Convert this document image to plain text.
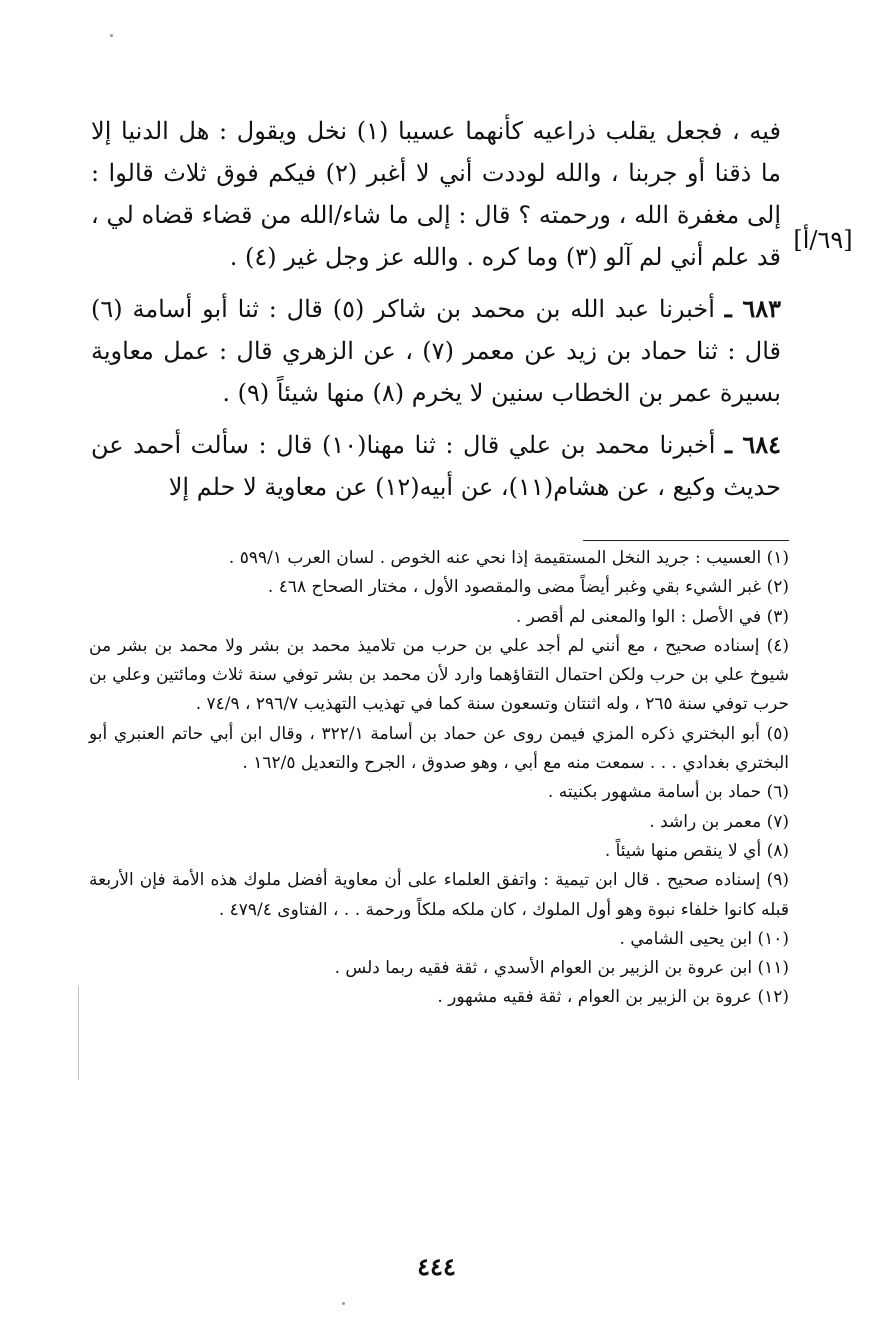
[٦٩/أ]

فيه ، فجعل يقلب ذراعيه كأنهما عسيبا (١) نخل ويقول : هل الدنيا إلا ما ذقنا أو جربنا ، والله لوددت أني لا أغبر (٢) فيكم فوق ثلاث قالوا : إلى مغفرة الله ، ورحمته ؟ قال : إلى ما شاء/الله من قضاء قضاه لي ، قد علم أني لم آلو (٣) وما كره . والله عز وجل غير (٤) .

٦٨٣ ـ أخبرنا عبد الله بن محمد بن شاكر (٥) قال : ثنا أبو أسامة (٦) قال : ثنا حماد بن زيد عن معمر (٧) ، عن الزهري قال : عمل معاوية بسيرة عمر بن الخطاب سنين لا يخرم (٨) منها شيئاً (٩) .

٦٨٤ ـ أخبرنا محمد بن علي قال : ثنا مهنا(١٠) قال : سألت أحمد عن حديث وكيع ، عن هشام(١١)، عن أبيه(١٢) عن معاوية لا حلم إلا

(١) العسيب : جريد النخل المستقيمة إذا نحي عنه الخوص . لسان العرب ٥٩٩/١ .

(٢) غبر الشيء بقي وغبر أيضاً مضى والمقصود الأول ، مختار الصحاح ٤٦٨ .

(٣) في الأصل : الوا والمعنى لم أقصر .

(٤) إسناده صحيح ، مع أنني لم أجد علي بن حرب من تلاميذ محمد بن بشر ولا محمد بن بشر من شيوخ علي بن حرب ولكن احتمال التقاؤهما وارد لأن محمد بن بشر توفي سنة ثلاث ومائتين وعلي بن حرب توفي سنة ٢٦٥ ، وله اثنتان وتسعون سنة كما في تهذيب التهذيب ٢٩٦/٧ ، ٧٤/٩ .

(٥) أبو البختري ذكره المزي فيمن روى عن حماد بن أسامة ٣٢٢/١ ، وقال ابن أبي حاتم العنبري أبو البختري بغدادي . . . سمعت منه مع أبي ، وهو صدوق ، الجرح والتعديل ١٦٢/٥ .

(٦) حماد بن أسامة مشهور بكنيته .

(٧) معمر بن راشد .

(٨) أي لا ينقص منها شيئاً .

(٩) إسناده صحيح . قال ابن تيمية : واتفق العلماء على أن معاوية أفضل ملوك هذه الأمة فإن الأربعة قبله كانوا خلفاء نبوة وهو أول الملوك ، كان ملكه ملكاً ورحمة . . ، الفتاوى ٤٧٩/٤ .

(١٠) ابن يحيى الشامي .

(١١) ابن عروة بن الزبير بن العوام الأسدي ، ثقة فقيه ربما دلس .

(١٢) عروة بن الزبير بن العوام ، ثقة فقيه مشهور .

٤٤٤
